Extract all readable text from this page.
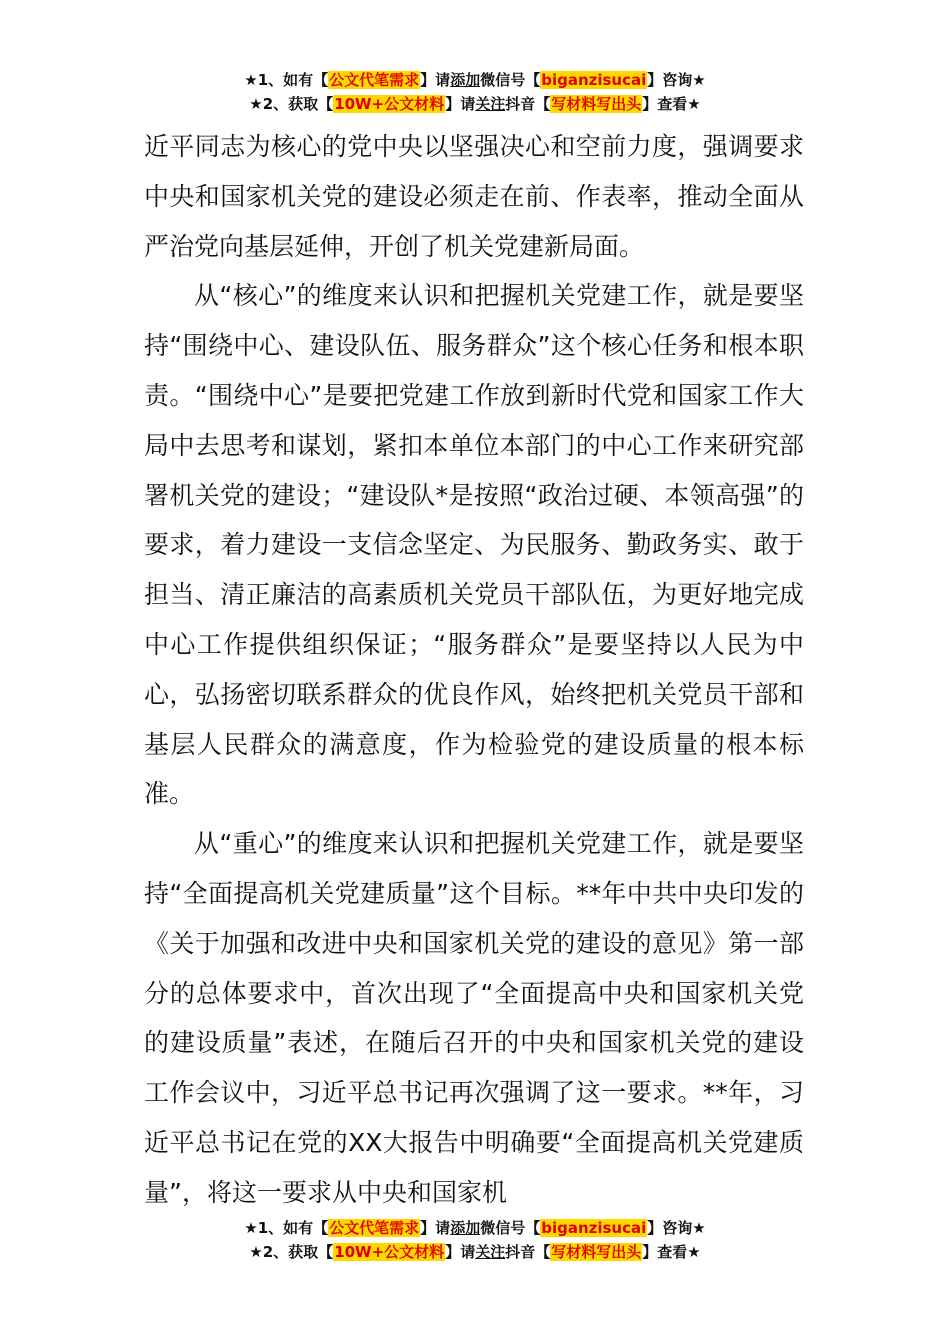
★1、如有【公文代笔需求】请添加微信号【biganzisucai】咨询★
★2、获取【10W+公文材料】请关注抖音【写材料写出头】查看★

近平同志为核心的党中央以坚强决心和空前力度，强调要求中央和国家机关党的建设必须走在前、作表率，推动全面从严治党向基层延伸，开创了机关党建新局面。

从“核心”的维度来认识和把握机关党建工作，就是要坚持“围绕中心、建设队伍、服务群众”这个核心任务和根本职责。“围绕中心”是要把党建工作放到新时代党和国家工作大局中去思考和谋划，紧扣本单位本部门的中心工作来研究部署机关党的建设；“建设队*是按照“政治过硬、本领高强”的要求，着力建设一支信念坚定、为民服务、勤政务实、敢于担当、清正廉洁的高素质机关党员干部队伍，为更好地完成中心工作提供组织保证；“服务群众”是要坚持以人民为中心，弘扬密切联系群众的优良作风，始终把机关党员干部和基层人民群众的满意度，作为检验党的建设质量的根本标准。

从“重心”的维度来认识和把握机关党建工作，就是要坚持“全面提高机关党建质量”这个目标。**年中共中央印发的《关于加强和改进中央和国家机关党的建设的意见》第一部分的总体要求中，首次出现了“全面提高中央和国家机关党的建设质量”表述，在随后召开的中央和国家机关党的建设工作会议中，习近平总书记再次强调了这一要求。**年，习近平总书记在党的XX大报告中明确要“全面提高机关党建质量”，将这一要求从中央和国家机

★1、如有【公文代笔需求】请添加微信号【biganzisucai】咨询★
★2、获取【10W+公文材料】请关注抖音【写材料写出头】查看★
